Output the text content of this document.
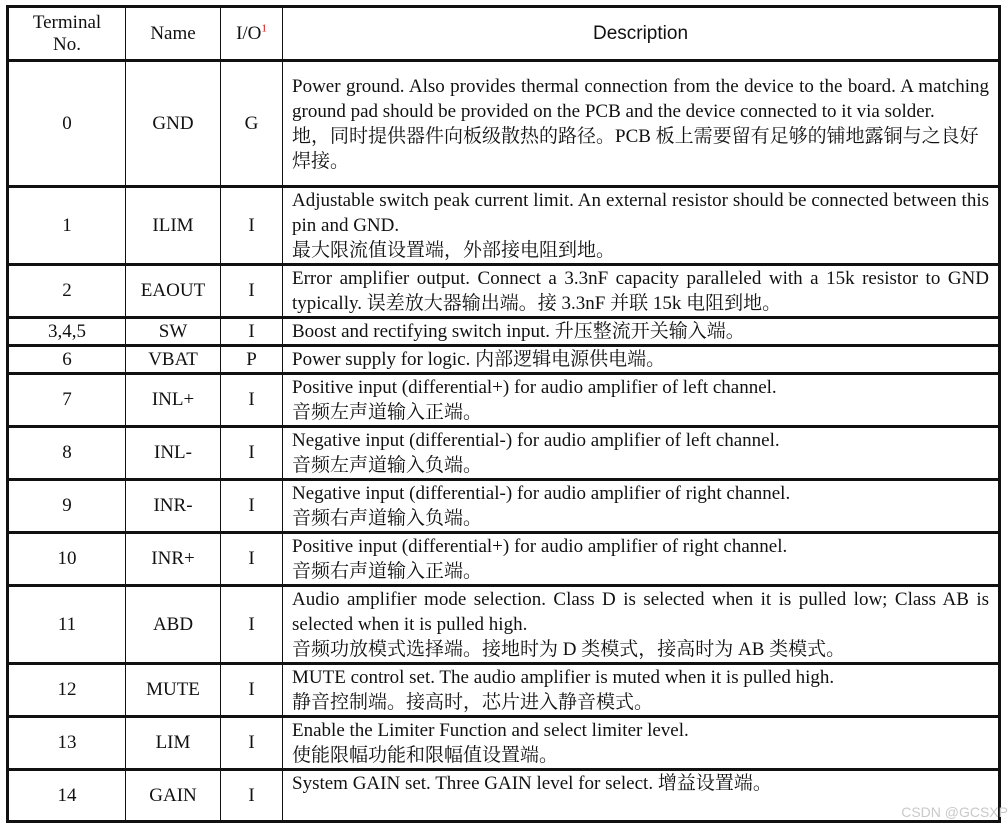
Terminal
No.	Name	$I/O^1$	Description
0	GND	G	Power ground. Also provides thermal connection from the device to the board. A matching ground pad should be provided on the PCB and the device connected to it via solder.
地，同时提供器件向板级散热的路径。PCB 板上需要留有足够的铺地露铜与之良好焊接。

1	ILIM	I	Adjustable switch peak current limit. An external resistor should be connected between this pin and GND.
最大限流值设置端，外部接电阻到地。

2	EAOUT	I	Error amplifier output. Connect a 3.3nF capacity paralleled with a 15k resistor to GND typically. 误差放大器输出端。接 3.3nF 并联 15k 电阻到地。

3,4,5	SW	I	Boost and rectifying switch input. 升压整流开关输入端。

6	VBAT	P	Power supply for logic. 内部逻辑电源供电端。

7	INL+	I	Positive input (differential+) for audio amplifier of left channel.
音频左声道输入正端。

8	INL-	I	Negative input (differential-) for audio amplifier of left channel.
音频左声道输入负端。

9	INR-	I	Negative input (differential-) for audio amplifier of right channel.
音频右声道输入负端。

10	INR+	I	Positive input (differential+) for audio amplifier of right channel.
音频右声道输入正端。

11	ABD	I	Audio amplifier mode selection. Class D is selected when it is pulled low; Class AB is selected when it is pulled high.
音频功放模式选择端。接地时为 D 类模式，接高时为 AB 类模式。

12	MUTE	I	MUTE control set. The audio amplifier is muted when it is pulled high.
静音控制端。接高时，芯片进入静音模式。

13	LIM	I	Enable the Limiter Function and select limiter level.
使能限幅功能和限幅值设置端。

14	GAIN	I	System GAIN set. Three GAIN level for select. 增益设置端。
CSDN @GCSXP
